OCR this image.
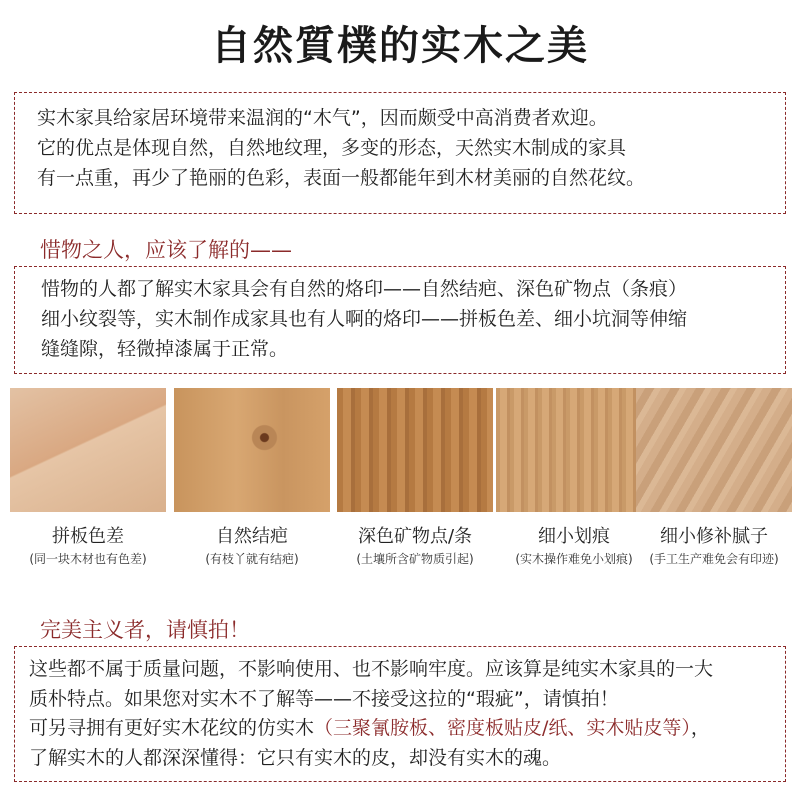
自然質樸的实木之美

实木家具给家居环境带来温润的“木气”，因而颇受中高消费者欢迎。

它的优点是体现自然，自然地纹理，多变的形态，天然实木制成的家具

有一点重，再少了艳丽的色彩，表面一般都能年到木材美丽的自然花纹。

惜物之人，应该了解的——

惜物的人都了解实木家具会有自然的烙印——自然结疤、深色矿物点（条痕）

细小纹裂等，实木制作成家具也有人啊的烙印——拼板色差、细小坑洞等伸缩

缝缝隙，轻微掉漆属于正常。

拼板色差
(同一块木材也有色差)
自然结疤
(有枝丫就有结疤)
深色矿物点/条
(土壤所含矿物质引起)
细小划痕
(实木操作难免小划痕)
细小修补腻子
(手工生产难免会有印迹)
完美主义者，请慎拍！

这些都不属于质量问题，不影响使用、也不影响牢度。应该算是纯实木家具的一大

质朴特点。如果您对实木不了解等——不接受这拉的“瑕疵”，请慎拍！

可另寻拥有更好实木花纹的仿实木（三聚氰胺板、密度板贴皮/纸、实木贴皮等），

了解实木的人都深深懂得：它只有实木的皮，却没有实木的魂。
